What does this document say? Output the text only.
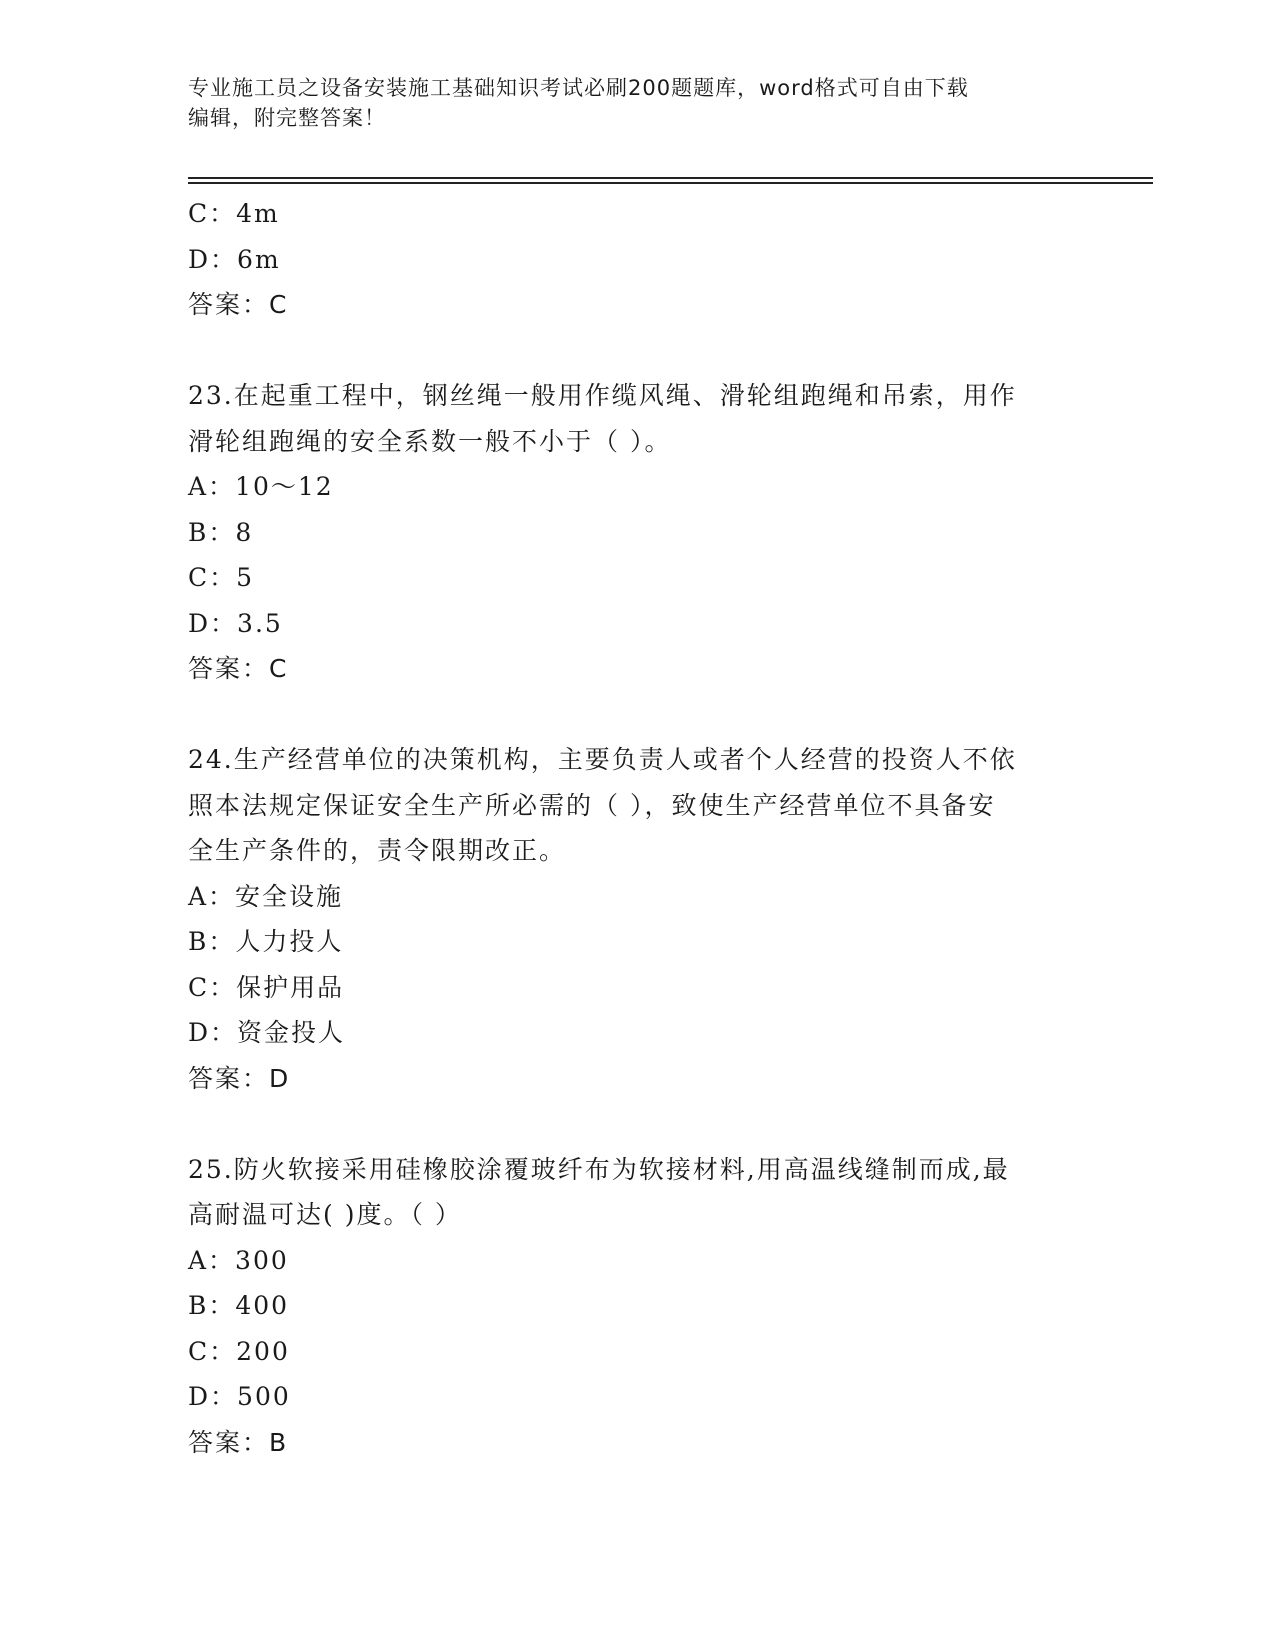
专业施工员之设备安装施工基础知识考试必刷200题题库，word格式可自由下载
编辑，附完整答案！
C：4m
D：6m
答案：C
23.在起重工程中，钢丝绳一般用作缆风绳、滑轮组跑绳和吊索，用作
滑轮组跑绳的安全系数一般不小于（ ）。
A：10～12
B：8
C：5
D：3.5
答案：C
24.生产经营单位的决策机构，主要负责人或者个人经营的投资人不依
照本法规定保证安全生产所必需的（ ），致使生产经营单位不具备安
全生产条件的，责令限期改正。
A：安全设施
B：人力投人
C：保护用品
D：资金投人
答案：D
25.防火软接采用硅橡胶涂覆玻纤布为软接材料,用高温线缝制而成,最
高耐温可达( )度。（ ）
A：300
B：400
C：200
D：500
答案：B
